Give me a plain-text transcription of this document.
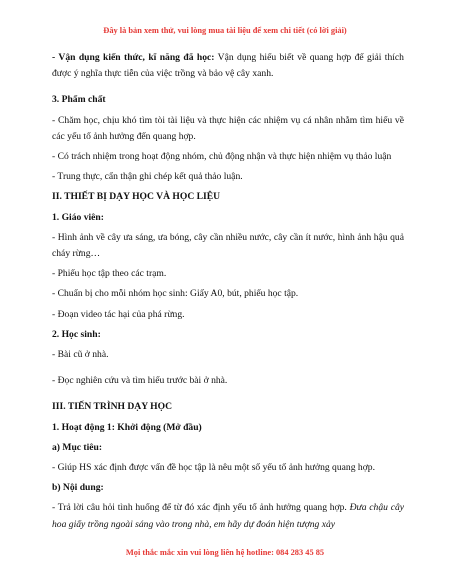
Đây là bản xem thử, vui lòng mua tài liệu để xem chi tiết (có lời giải)

- Vận dụng kiến thức, kĩ năng đã học: Vận dụng hiểu biết về quang hợp để giải thích được ý nghĩa thực tiễn của việc trồng và bảo vệ cây xanh.

3. Phẩm chất

- Chăm học, chịu khó tìm tòi tài liệu và thực hiện các nhiệm vụ cá nhân nhằm tìm hiểu về các yếu tố ảnh hưởng đến quang hợp.

- Có trách nhiệm trong hoạt động nhóm, chủ động nhận và thực hiện nhiệm vụ thảo luận

- Trung thực, cẩn thận ghi chép kết quả thảo luận.

II. THIẾT BỊ DẠY HỌC VÀ HỌC LIỆU

1. Giáo viên:

- Hình ảnh về cây ưa sáng, ưa bóng, cây cần nhiều nước, cây cần ít nước, hình ảnh hậu quả cháy rừng…

- Phiếu học tập theo các trạm.

- Chuẩn bị cho mỗi nhóm học sinh: Giấy A0, bút, phiếu học tập.

- Đoạn video tác hại của phá rừng.

2. Học sinh:

- Bài cũ ở nhà.

- Đọc nghiên cứu và tìm hiểu trước bài ở nhà.

III. TIẾN TRÌNH DẠY HỌC

1. Hoạt động 1: Khởi động (Mở đầu)

a) Mục tiêu:

- Giúp HS xác định được vấn đề học tập là nêu một số yếu tố ảnh hưởng quang hợp.

b) Nội dung:

- Trả lời câu hỏi tình huống để từ đó xác định yếu tố ảnh hưởng quang hợp. Đưa chậu cây hoa giấy trồng ngoài sáng vào trong nhà, em hãy dự đoán hiện tượng xảy

Mọi thắc mắc xin vui lòng liên hệ hotline: 084 283 45 85
